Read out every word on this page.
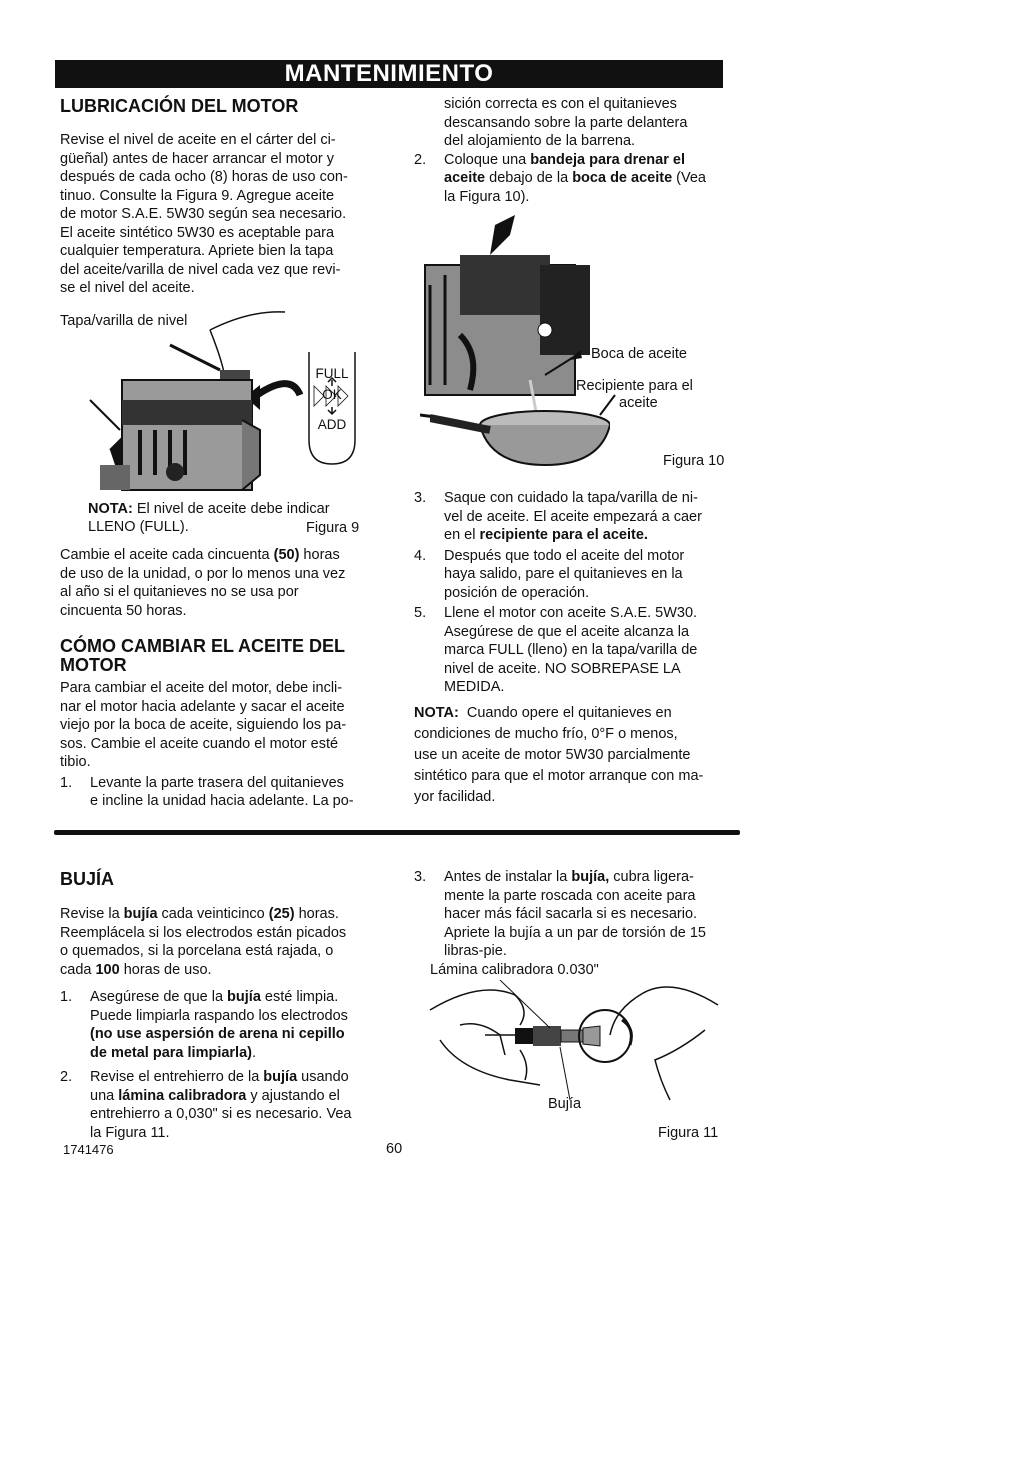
MANTENIMIENTO
LUBRICACIÓN DEL MOTOR

Revise el nivel de aceite en el cárter del ci-

güeñal) antes de hacer arrancar el motor y

después de cada ocho (8) horas de uso con-

tinuo. Consulte la Figura 9. Agregue aceite

de motor S.A.E. 5W30 según sea necesario.

El aceite sintético 5W30 es aceptable para

cualquier temperatura. Apriete bien la tapa

del aceite/varilla de nivel cada vez que revi-

se el nivel del aceite.

Tapa/varilla de nivel
FULL
OK
ADD
NOTA: El nivel de aceite debe indicar
LLENO (FULL).	Figura 9

Cambie el aceite cada cincuenta (50) horas

de uso de la unidad, o por lo menos una vez

al año si el quitanieves no se usa por

cincuenta 50 horas.

CÓMO CAMBIAR EL ACEITE DEL
MOTOR

Para cambiar el aceite del motor, debe incli-

nar el motor hacia adelante y sacar el aceite

viejo por la boca de aceite, siguiendo los pa-

sos. Cambie el aceite cuando el motor esté

tibio.

1. Levante la parte trasera del quitanieves
e incline la unidad hacia adelante. La po-
sición correcta es con el quitanieves
descansando sobre la parte delantera
del alojamiento de la barrena.
2. Coloque una bandeja para drenar el
aceite debajo de la boca de aceite (Vea
la Figura 10).
Boca de aceite
Recipiente para el
aceite
Figura 10
3. Saque con cuidado la tapa/varilla de ni-
vel de aceite. El aceite empezará a caer
en el recipiente para el aceite.
4. Después que todo el aceite del motor
haya salido, pare el quitanieves en la
posición de operación.
5. Llene el motor con aceite S.A.E. 5W30.
Asegúrese de que el aceite alcanza la
marca FULL (lleno) en la tapa/varilla de
nivel de aceite. NO SOBREPASE LA
MEDIDA.
NOTA:  Cuando opere el quitanieves en
condiciones de mucho frío, 0°F o menos,
use un aceite de motor 5W30 parcialmente
sintético para que el motor arranque con ma-
yor facilidad.
BUJÍA

Revise la bujía cada veinticinco (25) horas.

Reemplácela si los electrodos están picados

o quemados, si la porcelana está rajada, o

cada 100 horas de uso.

1. Asegúrese de que la bujía esté limpia.
Puede limpiarla raspando los electrodos
(no use aspersión de arena ni cepillo
de metal para limpiarla).
2. Revise el entrehierro de la bujía usando
una lámina calibradora y ajustando el
entrehierro a 0,030" si es necesario. Vea
la Figura 11.
3. Antes de instalar la bujía, cubra ligera-
mente la parte roscada con aceite para
hacer más fácil sacarla si es necesario.
Apriete la bujía a un par de torsión de 15
libras-pie.
Lámina calibradora 0.030"
Bujía
Figura 11
1741476	60
